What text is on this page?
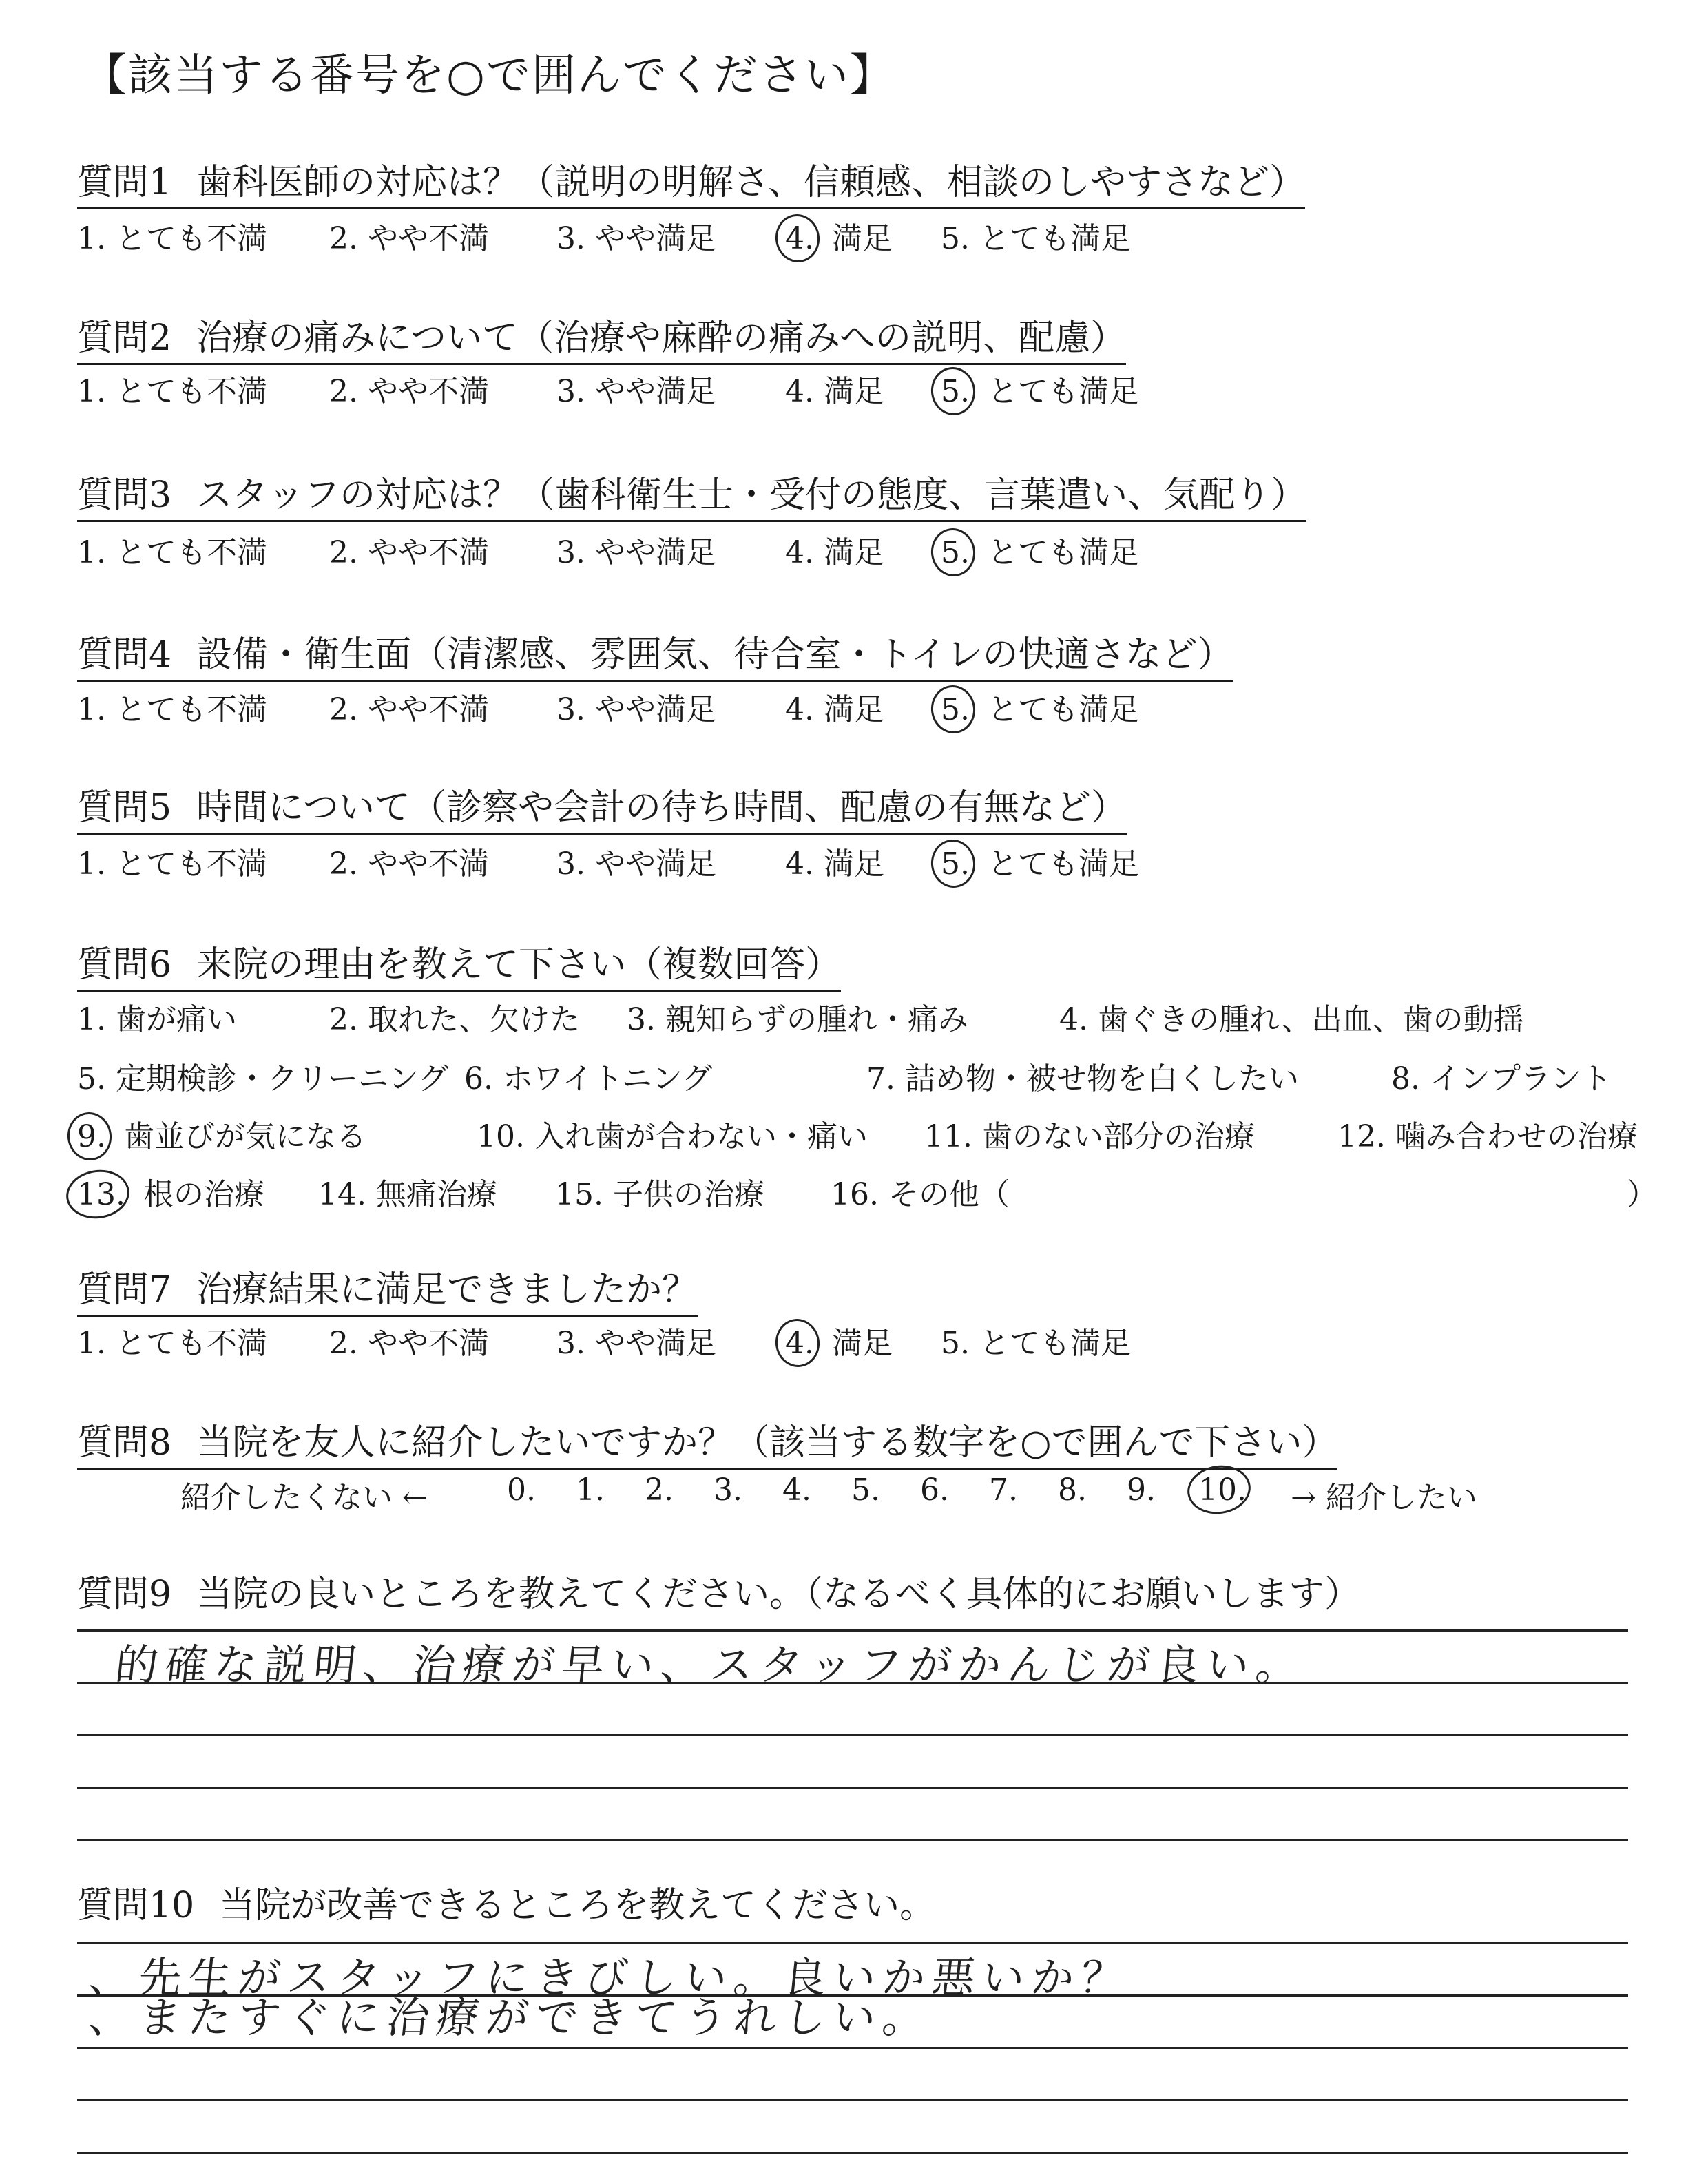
【該当する番号を○で囲んでください】
質問1 歯科医師の対応は？（説明の明解さ、信頼感、相談のしやすさなど）
1. とても不満 2. やや不満 3. やや満足 4. 満足 5. とても満足
質問2 治療の痛みについて（治療や麻酔の痛みへの説明、配慮）
1. とても不満 2. やや不満 3. やや満足 4. 満足 5. とても満足
質問3 スタッフの対応は？（歯科衛生士・受付の態度、言葉遣い、気配り）
1. とても不満 2. やや不満 3. やや満足 4. 満足 5. とても満足
質問4 設備・衛生面（清潔感、雰囲気、待合室・トイレの快適さなど）
1. とても不満 2. やや不満 3. やや満足 4. 満足 5. とても満足
質問5 時間について（診察や会計の待ち時間、配慮の有無など）
1. とても不満 2. やや不満 3. やや満足 4. 満足 5. とても満足
質問6 来院の理由を教えて下さい（複数回答）
1. 歯が痛い	2. 取れた、欠けた 3. 親知らずの腫れ・痛み	4. 歯ぐきの腫れ、出血、歯の動揺
5. 定期検診・クリーニング 6. ホワイトニング	7. 詰め物・被せ物を白くしたい	8. インプラント
9. 歯並びが気になる	10. 入れ歯が合わない・痛い 11. 歯のない部分の治療	12. 噛み合わせの治療
13. 根の治療 14. 無痛治療 15. 子供の治療 16. その他（	）
質問7 治療結果に満足できましたか？
1. とても不満 2. やや不満 3. やや満足 4. 満足 5. とても満足
質問8 当院を友人に紹介したいですか？（該当する数字を○で囲んで下さい）
紹介したくない ←	0. 1. 2. 3. 4. 5. 6. 7. 8. 9. 10.	→ 紹介したい
質問9 当院の良いところを教えてください。（なるべく具体的にお願いします）
的確な説明、治療が早い、スタッフがかんじが良い。
質問10 当院が改善できるところを教えてください。
、先生がスタッフにきびしい。良いか悪いか？
、またすぐに治療ができてうれしい。
